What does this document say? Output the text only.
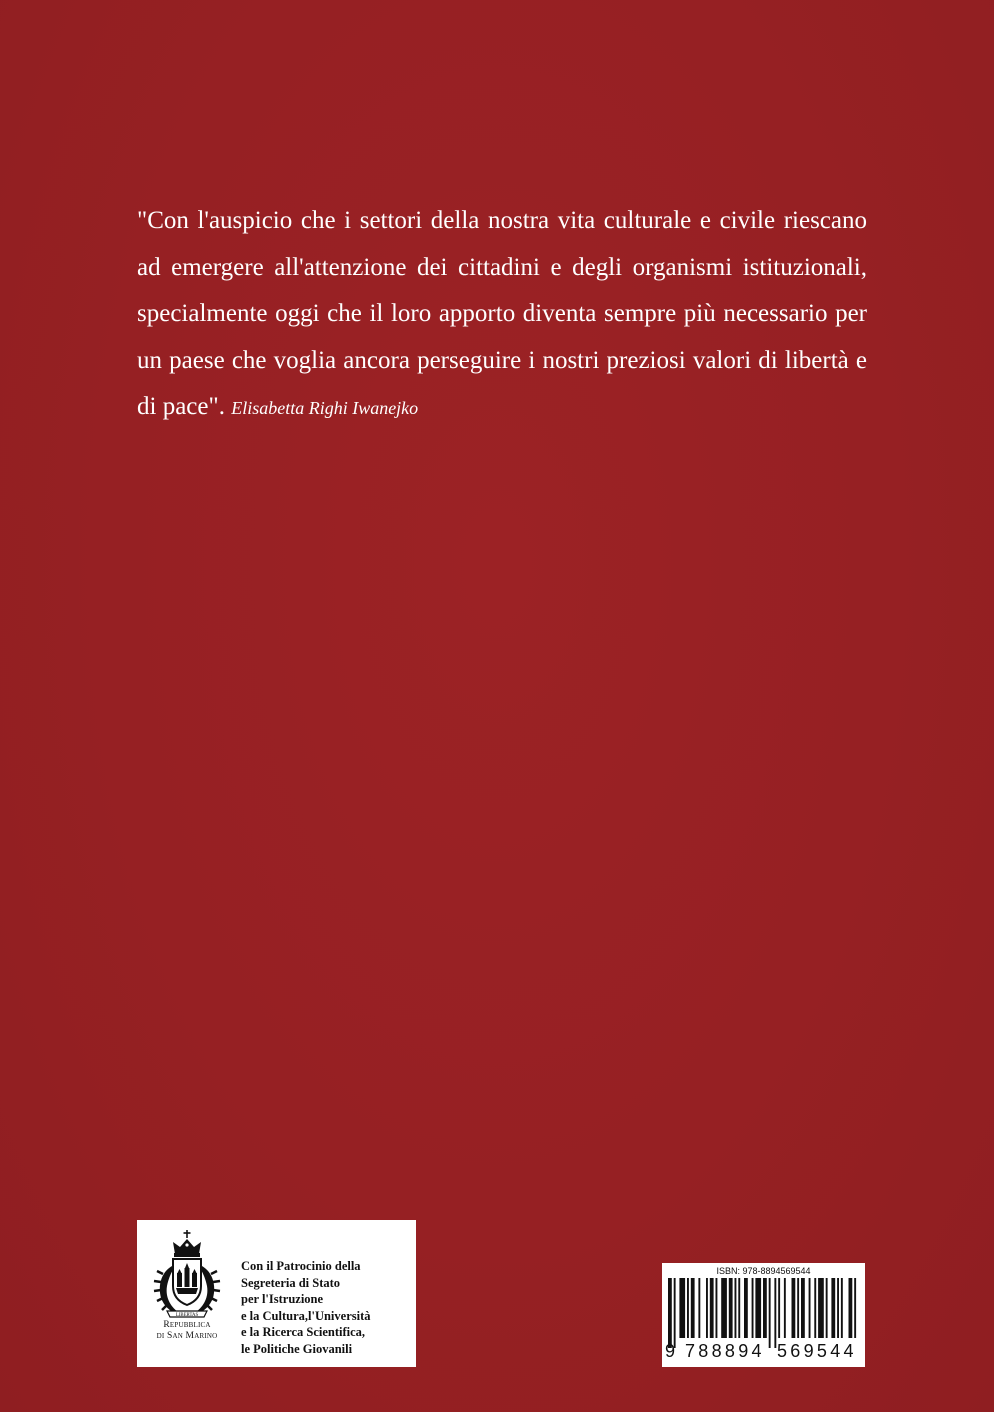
"Con l'auspicio che i settori della nostra vita culturale e civile riescano ad emergere all'attenzione dei cittadini e degli organismi istituzionali, specialmente oggi che il loro apporto diventa sempre più necessario per un paese che voglia ancora perseguire i nostri preziosi valori di libertà e di pace". Elisabetta Righi Iwanejko
LIBERTAS
Repubblica
di San Marino
Con il Patrocinio della
Segreteria di Stato
per l'Istruzione
e la Cultura,l'Università
e la Ricerca Scientifica,
le Politiche Giovanili
ISBN: 978-8894569544
9 788894 569544
